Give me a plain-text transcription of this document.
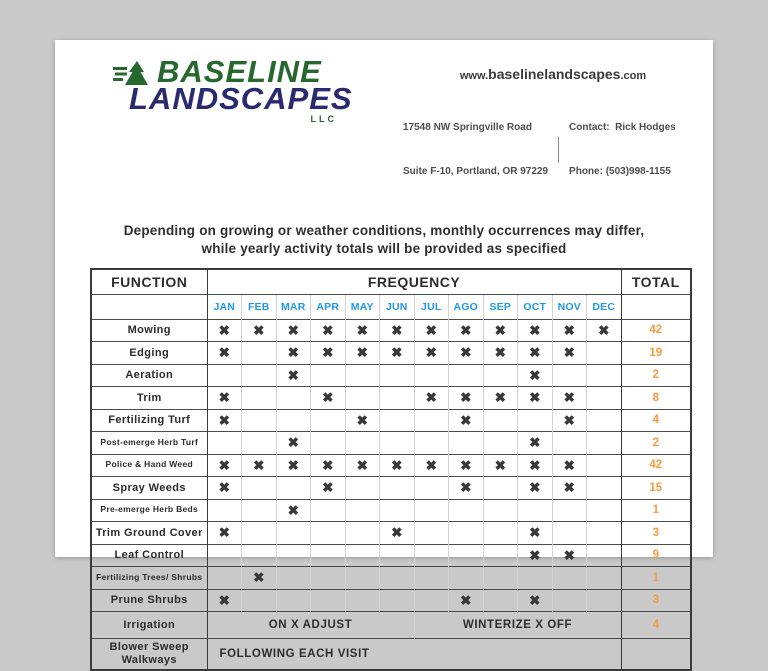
BASELINE
LANDSCAPES
LLC
www.baselinelandscapes.com

17548 NW Springville Road

Suite F-10, Portland, OR 97229

Contact:  Rick Hodges

Phone: (503)998-1155

Depending on growing or weather conditions, monthly occurrences may differ,
while yearly activity totals will be provided as specified
FUNCTION	FREQUENCY												TOTAL
	JAN	FEB	MAR	APR	MAY	JUN	JUL	AGO	SEP	OCT	NOV	DEC	
Mowing	✖	✖	✖	✖	✖	✖	✖	✖	✖	✖	✖	✖	42
Edging	✖		✖	✖	✖	✖	✖	✖	✖	✖	✖		19
Aeration			✖							✖			2
Trim	✖			✖			✖	✖	✖	✖	✖		8
Fertilizing Turf	✖				✖			✖			✖		4
Post-emerge Herb Turf			✖							✖			2
Police & Hand Weed	✖	✖	✖	✖	✖	✖	✖	✖	✖	✖	✖		42
Spray Weeds	✖			✖				✖		✖	✖		15
Pre-emerge Herb Beds			✖										1
Trim Ground Cover	✖					✖				✖			3
Leaf Control										✖	✖		9
Fertilizing Trees/ Shrubs		✖											1
Prune Shrubs	✖							✖		✖			3
Irrigation	ON X ADJUST						WINTERIZE X OFF						4
Blower Sweep Walkways	FOLLOWING EACH VISIT												
